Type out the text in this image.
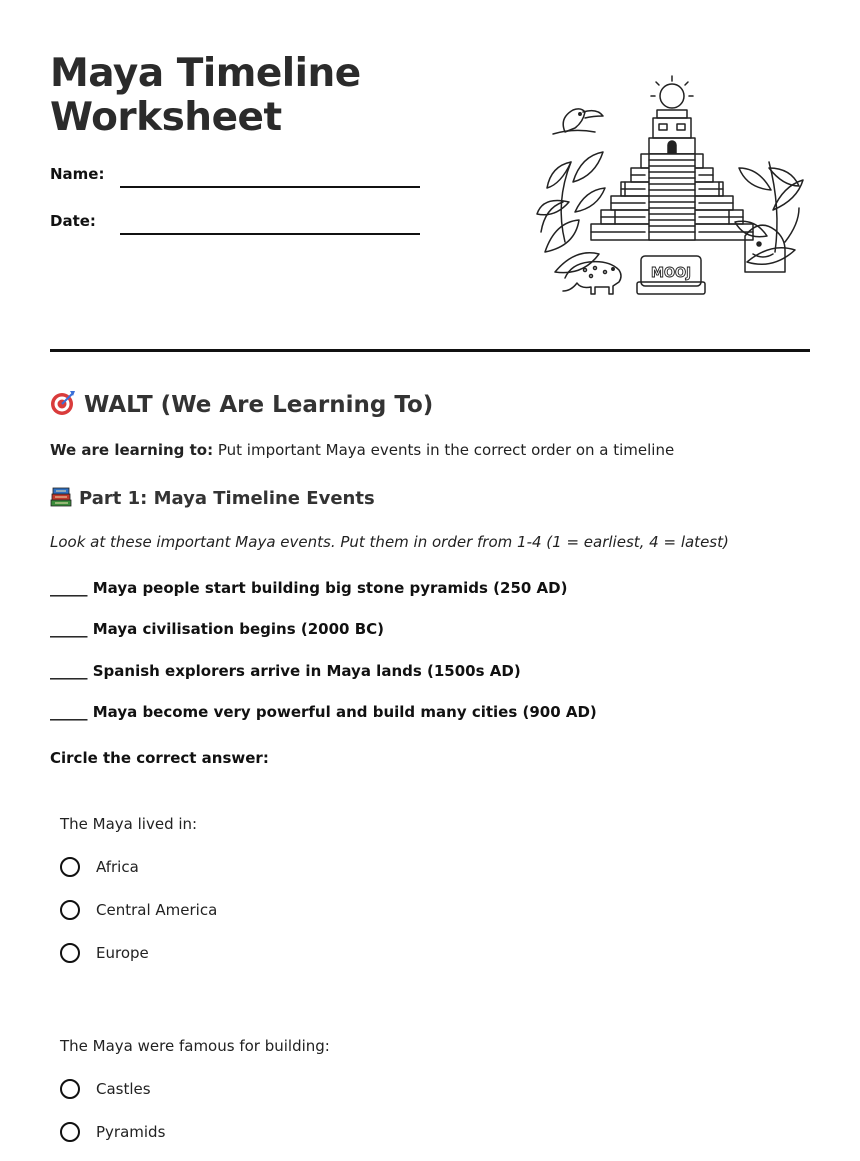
Maya Timeline
Worksheet
Name:
Date:
MOOJ
WALT (We Are Learning To)
We are learning to: Put important Maya events in the correct order on a timeline
Part 1: Maya Timeline Events
Look at these important Maya events. Put them in order from 1-4 (1 = earliest, 4 = latest)
_____ Maya people start building big stone pyramids (250 AD)
_____ Maya civilisation begins (2000 BC)
_____ Spanish explorers arrive in Maya lands (1500s AD)
_____ Maya become very powerful and build many cities (900 AD)
Circle the correct answer:
The Maya lived in:
Africa
Central America
Europe
The Maya were famous for building:
Castles
Pyramids
